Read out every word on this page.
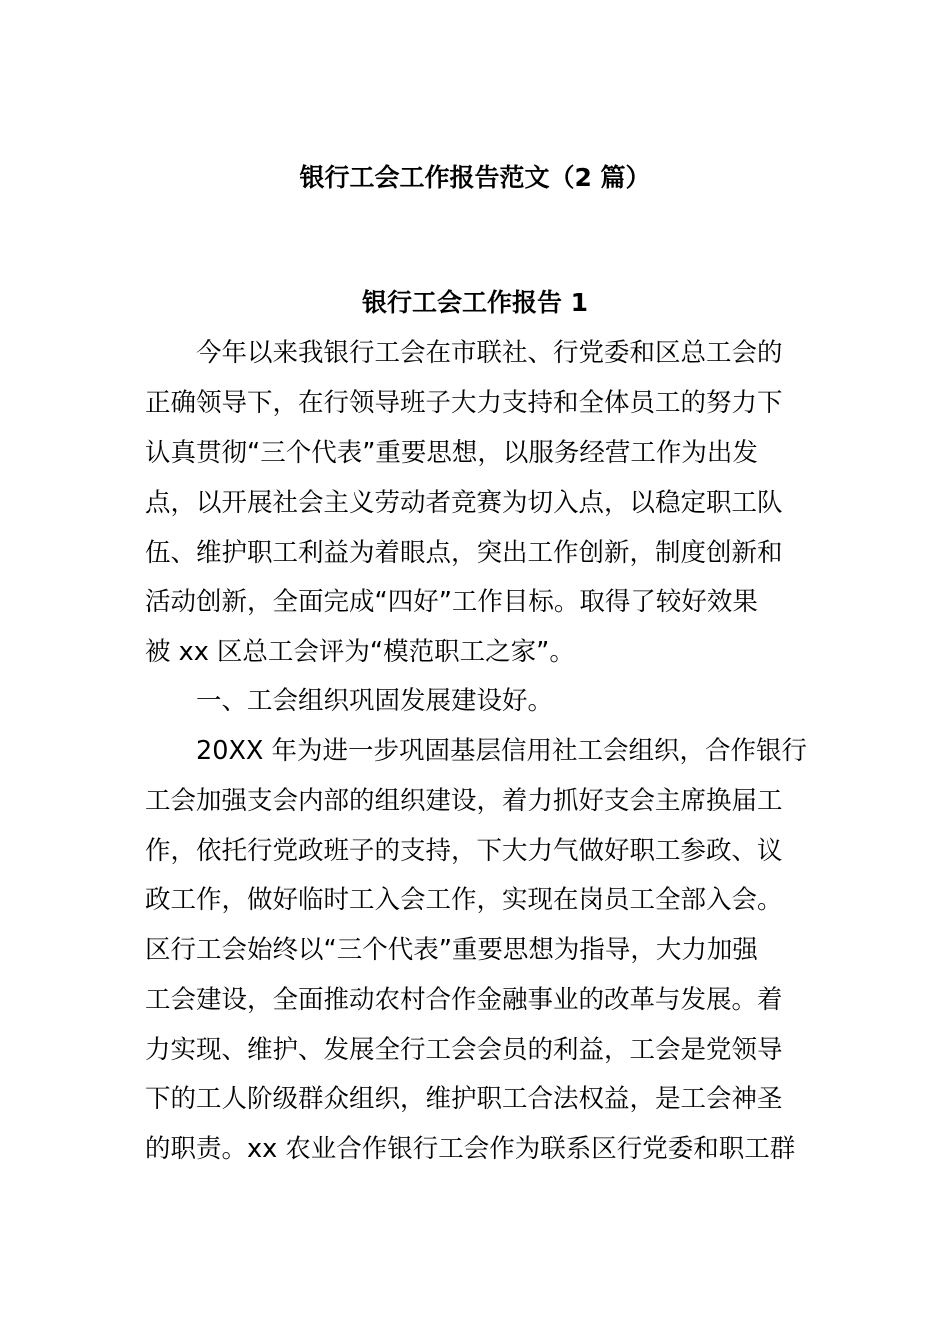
银行工会工作报告范文（2 篇）
银行工会工作报告 1

今年以来我银行工会在市联社、行党委和区总工会的

正确领导下，在行领导班子大力支持和全体员工的努力下

认真贯彻“三个代表”重要思想，以服务经营工作为出发

点，以开展社会主义劳动者竞赛为切入点，以稳定职工队

伍、维护职工利益为着眼点，突出工作创新，制度创新和

活动创新，全面完成“四好”工作目标。取得了较好效果

被 xx 区总工会评为“模范职工之家”。

一、工会组织巩固发展建设好。

20XX 年为进一步巩固基层信用社工会组织，合作银行

工会加强支会内部的组织建设，着力抓好支会主席换届工

作，依托行党政班子的支持，下大力气做好职工参政、议

政工作，做好临时工入会工作，实现在岗员工全部入会。

区行工会始终以“三个代表”重要思想为指导，大力加强

工会建设，全面推动农村合作金融事业的改革与发展。着

力实现、维护、发展全行工会会员的利益，工会是党领导

下的工人阶级群众组织，维护职工合法权益，是工会神圣

的职责。xx 农业合作银行工会作为联系区行党委和职工群
